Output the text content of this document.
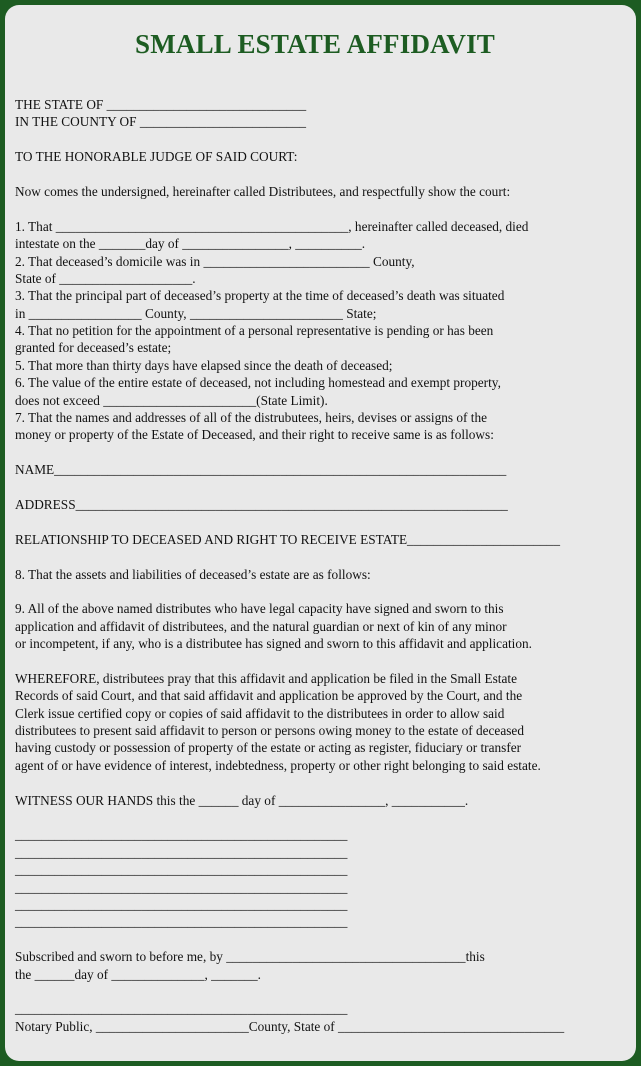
SMALL ESTATE AFFIDAVIT
THE STATE OF ______________________________
IN THE COUNTY OF _________________________
TO THE HONORABLE JUDGE OF SAID COURT:
Now comes the undersigned, hereinafter called Distributees, and respectfully show the court:
1. That ____________________________________________, hereinafter called deceased, died
intestate on the _______day of ________________, __________.
2. That deceased’s domicile was in _________________________ County,
State of ____________________.
3. That the principal part of deceased’s property at the time of deceased’s death was situated
in _________________ County, _______________________ State;
4. That no petition for the appointment of a personal representative is pending or has been
granted for deceased’s estate;
5. That more than thirty days have elapsed since the death of deceased;
6. The value of the entire estate of deceased, not including homestead and exempt property,
does not exceed _______________________(State Limit).
7. That the names and addresses of all of the distrubutees, heirs, devises or assigns of the
money or property of the Estate of Deceased, and their right to receive same is as follows:
NAME____________________________________________________________________
ADDRESS_________________________________________________________________
RELATIONSHIP TO DECEASED AND RIGHT TO RECEIVE ESTATE_______________________
8. That the assets and liabilities of deceased’s estate are as follows:
9. All of the above named distributes who have legal capacity have signed and sworn to this
application and affidavit of distributees, and the natural guardian or next of kin of any minor
or incompetent, if any, who is a distributee has signed and sworn to this affidavit and application.
WHEREFORE, distributees pray that this affidavit and application be filed in the Small Estate
Records of said Court, and that said affidavit and application be approved by the Court, and the
Clerk issue certified copy or copies of said affidavit to the distributees in order to allow said
distributees to present said affidavit to person or persons owing money to the estate of deceased
having custody or possession of property of the estate or acting as register, fiduciary or transfer
agent of or have evidence of interest, indebtedness, property or other right belonging to said estate.
WITNESS OUR HANDS this the ______ day of ________________, ___________.
__________________________________________________
__________________________________________________
__________________________________________________
__________________________________________________
__________________________________________________
__________________________________________________
Subscribed and sworn to before me, by ____________________________________this
the ______day of ______________, _______.
__________________________________________________
Notary Public, _______________________County, State of __________________________________
